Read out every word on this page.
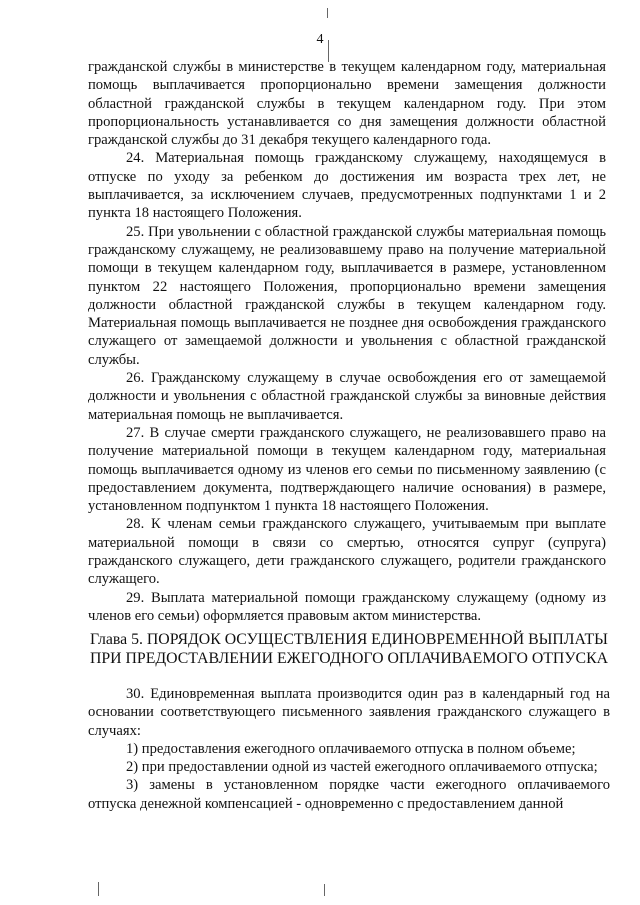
4

гражданской службы в министерстве в текущем календарном году, материальная помощь выплачивается пропорционально времени замещения должности областной гражданской службы в текущем календарном году. При этом пропорциональность устанавливается со дня замещения должности областной гражданской службы до 31 декабря текущего календарного года.

24. Материальная помощь гражданскому служащему, находящемуся в отпуске по уходу за ребенком до достижения им возраста трех лет, не выплачивается, за исключением случаев, предусмотренных подпунктами 1 и 2 пункта 18 настоящего Положения.

25. При увольнении с областной гражданской службы материальная помощь гражданскому служащему, не реализовавшему право на получение материальной помощи в текущем календарном году, выплачивается в размере, установленном пунктом 22 настоящего Положения, пропорционально времени замещения должности областной гражданской службы в текущем календарном году. Материальная помощь выплачивается не позднее дня освобождения гражданского служащего от замещаемой должности и увольнения с областной гражданской службы.

26. Гражданскому служащему в случае освобождения его от замещаемой должности и увольнения с областной гражданской службы за виновные действия материальная помощь не выплачивается.

27. В случае смерти гражданского служащего, не реализовавшего право на получение материальной помощи в текущем календарном году, материальная помощь выплачивается одному из членов его семьи по письменному заявлению (с предоставлением документа, подтверждающего наличие основания) в размере, установленном подпунктом 1 пункта 18 настоящего Положения.

28. К членам семьи гражданского служащего, учитываемым при выплате материальной помощи в связи со смертью, относятся супруг (супруга) гражданского служащего, дети гражданского служащего, родители гражданского служащего.

29. Выплата материальной помощи гражданскому служащему (одному из членов его семьи) оформляется правовым актом министерства.

Глава 5. ПОРЯДОК ОСУЩЕСТВЛЕНИЯ ЕДИНОВРЕМЕННОЙ ВЫПЛАТЫ
ПРИ ПРЕДОСТАВЛЕНИИ ЕЖЕГОДНОГО ОПЛАЧИВАЕМОГО ОТПУСКА

30. Единовременная выплата производится один раз в календарный год на основании соответствующего письменного заявления гражданского служащего в случаях:

1) предоставления ежегодного оплачиваемого отпуска в полном объеме;

2) при предоставлении одной из частей ежегодного оплачиваемого отпуска;

3) замены в установленном порядке части ежегодного оплачиваемого отпуска денежной компенсацией - одновременно с предоставлением данной
